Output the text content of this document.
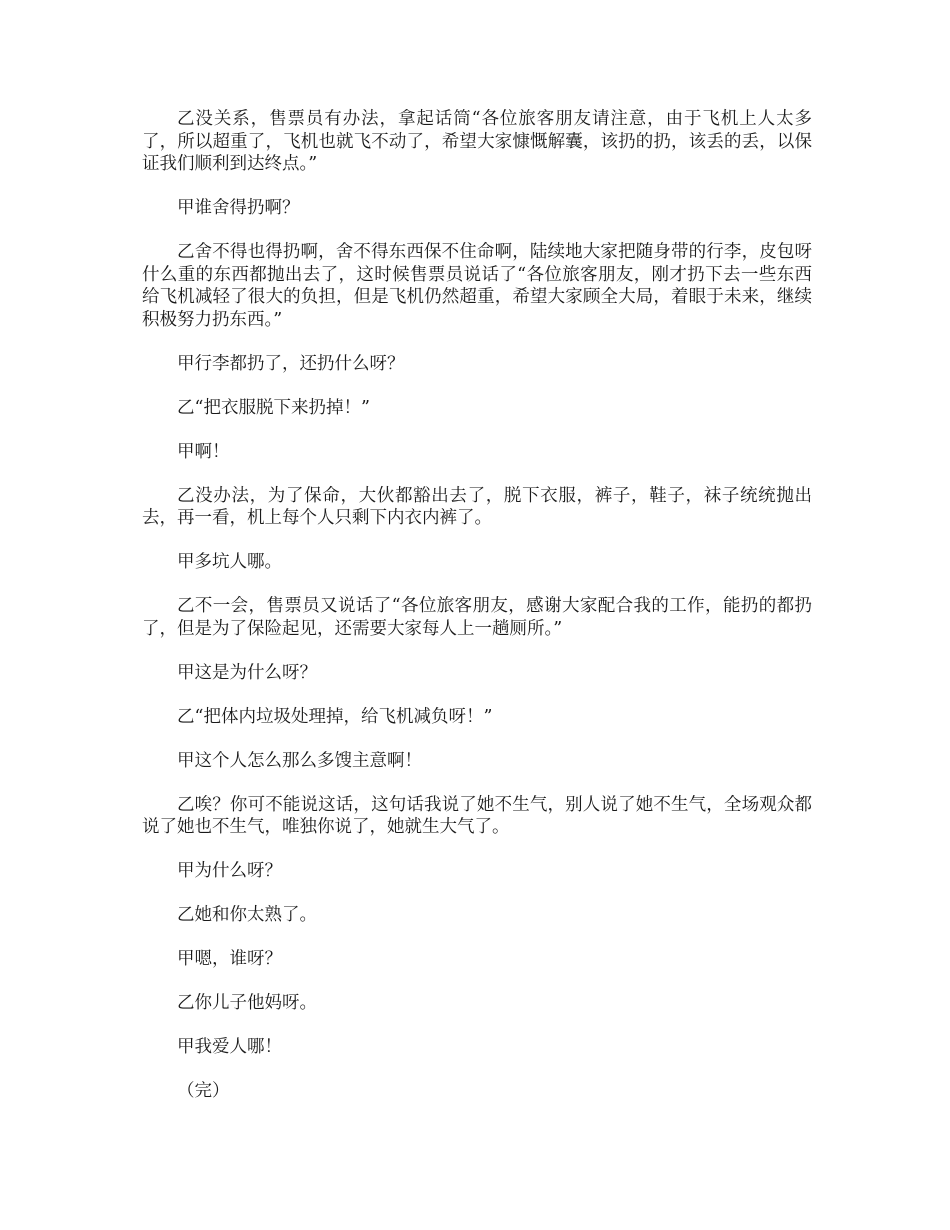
乙没关系，售票员有办法，拿起话筒“各位旅客朋友请注意，由于飞机上人太多了，所以超重了，飞机也就飞不动了，希望大家慷慨解囊，该扔的扔，该丢的丢，以保证我们顺利到达终点。”

甲谁舍得扔啊？

乙舍不得也得扔啊，舍不得东西保不住命啊，陆续地大家把随身带的行李，皮包呀什么重的东西都抛出去了，这时候售票员说话了“各位旅客朋友，刚才扔下去一些东西给飞机减轻了很大的负担，但是飞机仍然超重，希望大家顾全大局，着眼于未来，继续积极努力扔东西。”

甲行李都扔了，还扔什么呀？

乙“把衣服脱下来扔掉！”

甲啊！

乙没办法，为了保命，大伙都豁出去了，脱下衣服，裤子，鞋子，袜子统统抛出去，再一看，机上每个人只剩下内衣内裤了。

甲多坑人哪。

乙不一会，售票员又说话了“各位旅客朋友，感谢大家配合我的工作，能扔的都扔了，但是为了保险起见，还需要大家每人上一趟厕所。”

甲这是为什么呀？

乙“把体内垃圾处理掉，给飞机减负呀！”

甲这个人怎么那么多馊主意啊！

乙唉？你可不能说这话，这句话我说了她不生气，别人说了她不生气，全场观众都说了她也不生气，唯独你说了，她就生大气了。

甲为什么呀？

乙她和你太熟了。

甲嗯，谁呀？

乙你儿子他妈呀。

甲我爱人哪！

（完）
